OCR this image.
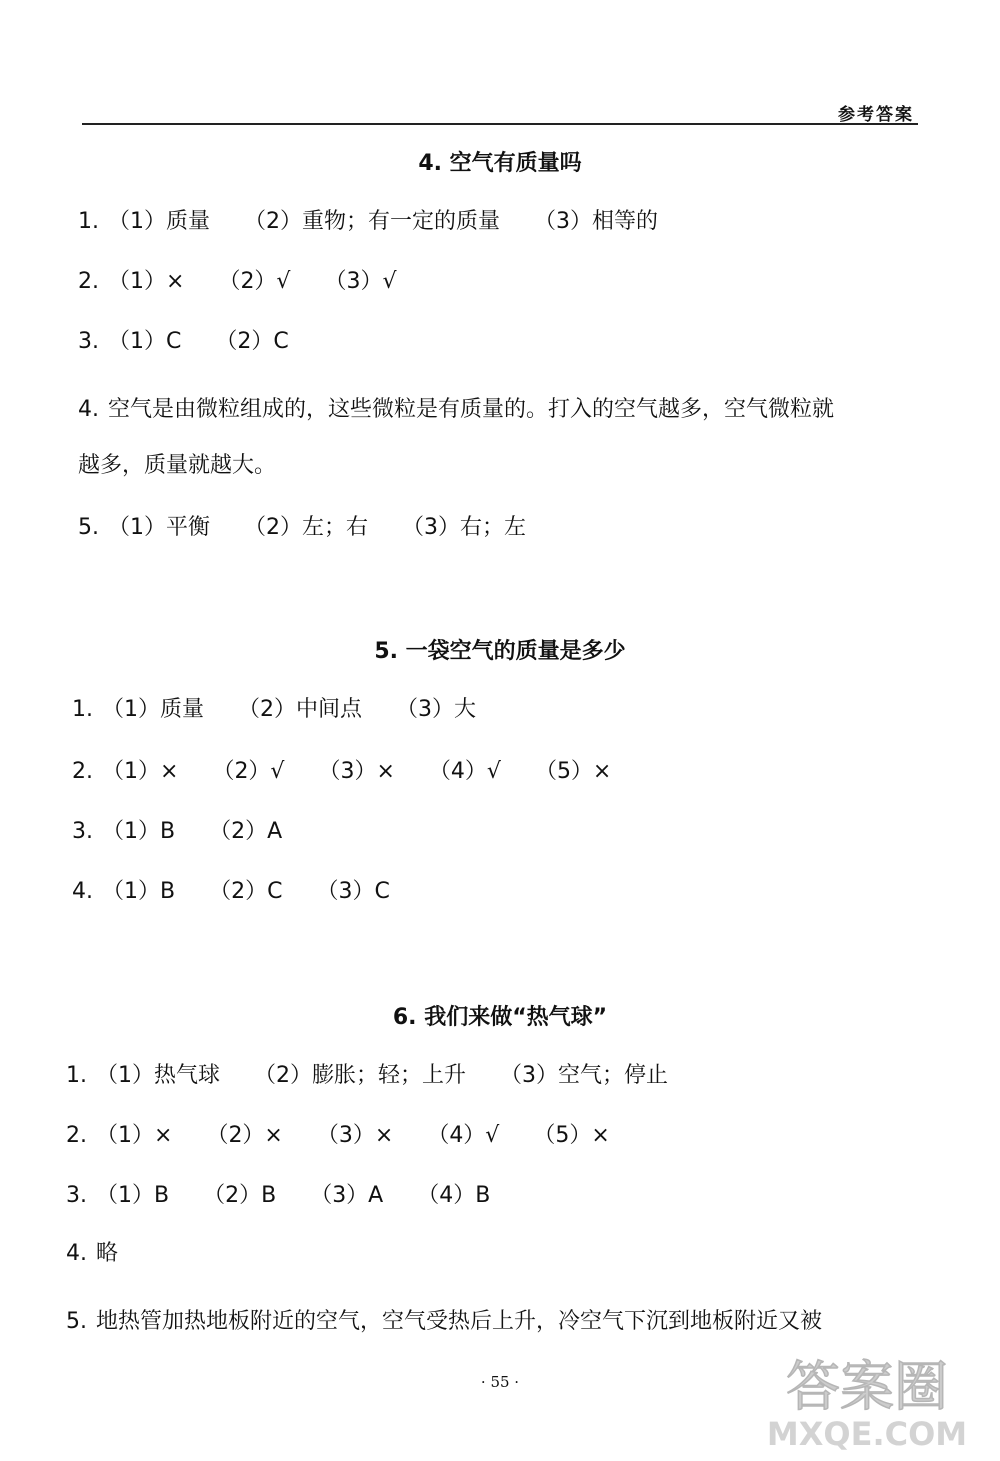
参考答案
4. 空气有质量吗
1. （1）质量 （2）重物；有一定的质量 （3）相等的
2. （1）× （2）√ （3）√
3. （1）C （2）C
4. 空气是由微粒组成的，这些微粒是有质量的。打入的空气越多，空气微粒就
越多，质量就越大。
5. （1）平衡 （2）左；右 （3）右；左
5. 一袋空气的质量是多少
1. （1）质量 （2）中间点 （3）大
2. （1）× （2）√ （3）× （4）√ （5）×
3. （1）B （2）A
4. （1）B （2）C （3）C
6. 我们来做“热气球”
1. （1）热气球 （2）膨胀；轻；上升 （3）空气；停止
2. （1）× （2）× （3）× （4）√ （5）×
3. （1）B （2）B （3）A （4）B
4. 略
5. 地热管加热地板附近的空气，空气受热后上升，冷空气下沉到地板附近又被
· 55 ·	答案圈
MXQE.COM
